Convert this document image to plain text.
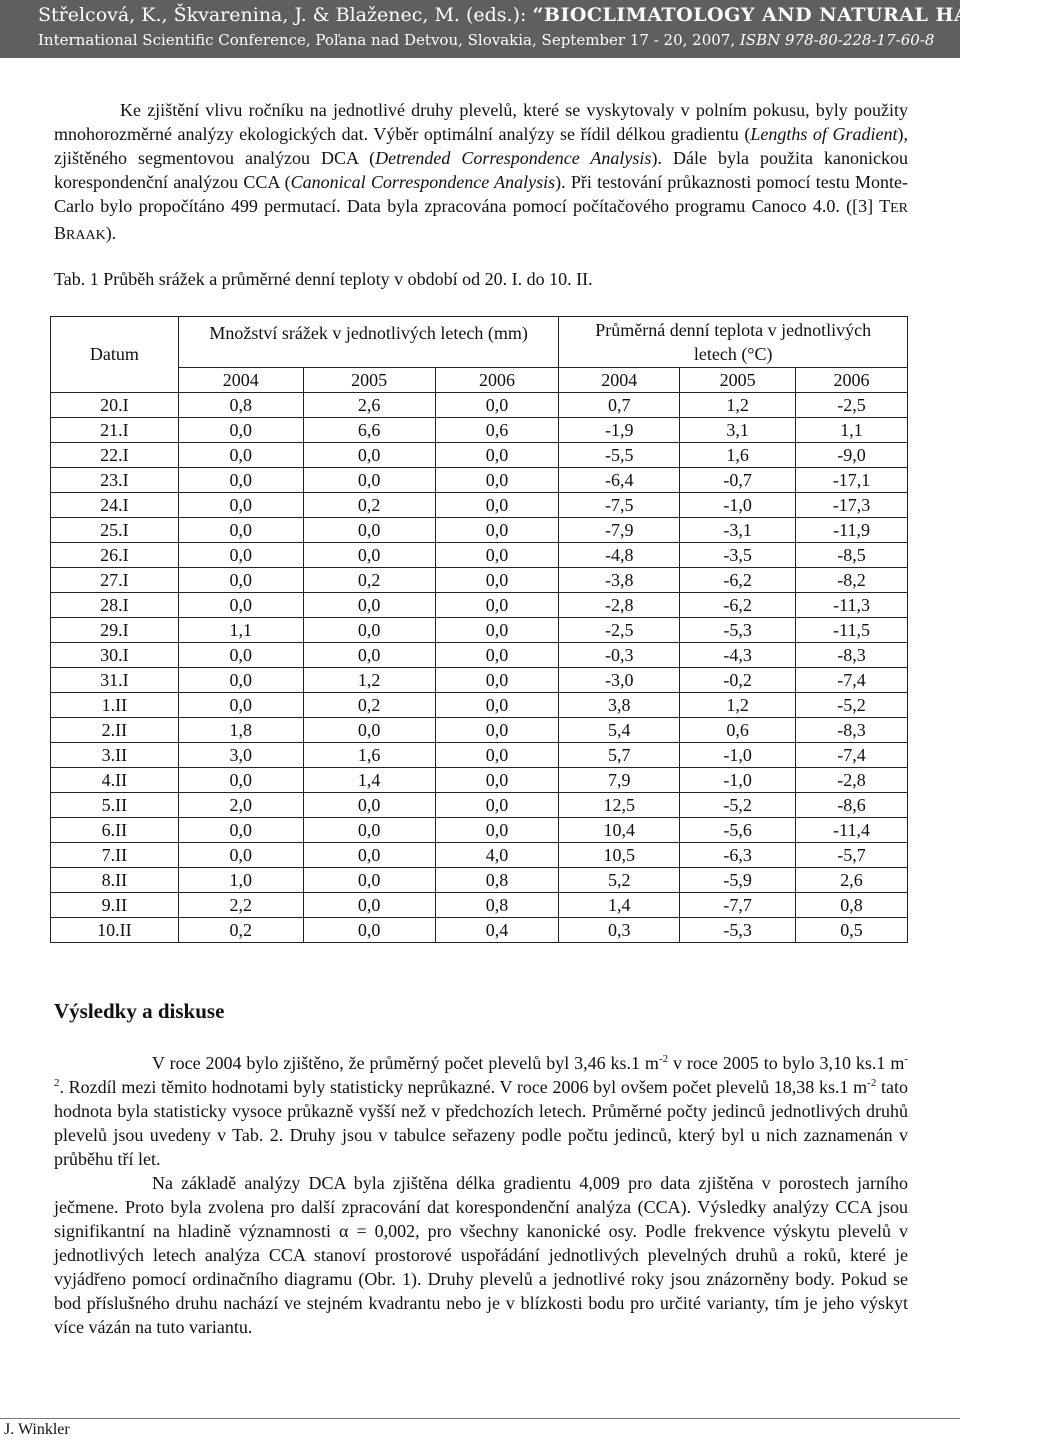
Střelcová, K., Škvarenina, J. & Blaženec, M. (eds.): “BIOCLIMATOLOGY AND NATURAL HAZARDS”
International Scientific Conference, Poľana nad Detvou, Slovakia, September 17 - 20, 2007, ISBN 978-80-228-17-60-8

Ke zjištění vlivu ročníku na jednotlivé druhy plevelů, které se vyskytovaly v polním pokusu, byly použity mnohorozměrné analýzy ekologických dat. Výběr optimální analýzy se řídil délkou gradientu (Lengths of Gradient), zjištěného segmentovou analýzou DCA (Detrended Correspondence Analysis). Dále byla použita kanonickou korespondenční analýzou CCA (Canonical Correspondence Analysis). Při testování průkaznosti pomocí testu Monte-Carlo bylo propočítáno 499 permutací. Data byla zpracována pomocí počítačového programu Canoco 4.0. ([3] TER BRAAK).

Tab. 1 Průběh srážek a průměrné denní teploty v období od 20. I. do 10. II.
Datum	Množství srážek v jednotlivých letech (mm)			Průměrná denní teplota v jednotlivých letech (°C)		
	2004	2005	2006	2004	2005	2006
20.I	0,8	2,6	0,0	0,7	1,2	-2,5
21.I	0,0	6,6	0,6	-1,9	3,1	1,1
22.I	0,0	0,0	0,0	-5,5	1,6	-9,0
23.I	0,0	0,0	0,0	-6,4	-0,7	-17,1
24.I	0,0	0,2	0,0	-7,5	-1,0	-17,3
25.I	0,0	0,0	0,0	-7,9	-3,1	-11,9
26.I	0,0	0,0	0,0	-4,8	-3,5	-8,5
27.I	0,0	0,2	0,0	-3,8	-6,2	-8,2
28.I	0,0	0,0	0,0	-2,8	-6,2	-11,3
29.I	1,1	0,0	0,0	-2,5	-5,3	-11,5
30.I	0,0	0,0	0,0	-0,3	-4,3	-8,3
31.I	0,0	1,2	0,0	-3,0	-0,2	-7,4
1.II	0,0	0,2	0,0	3,8	1,2	-5,2
2.II	1,8	0,0	0,0	5,4	0,6	-8,3
3.II	3,0	1,6	0,0	5,7	-1,0	-7,4
4.II	0,0	1,4	0,0	7,9	-1,0	-2,8
5.II	2,0	0,0	0,0	12,5	-5,2	-8,6
6.II	0,0	0,0	0,0	10,4	-5,6	-11,4
7.II	0,0	0,0	4,0	10,5	-6,3	-5,7
8.II	1,0	0,0	0,8	5,2	-5,9	2,6
9.II	2,2	0,0	0,8	1,4	-7,7	0,8
10.II	0,2	0,0	0,4	0,3	-5,3	0,5
Výsledky a diskuse

V roce 2004 bylo zjištěno, že průměrný počet plevelů byl 3,46 ks.1 $m^{-2}$ v roce 2005 to bylo 3,10 ks.1 $m^{-2}$. Rozdíl mezi těmito hodnotami byly statisticky neprůkazné. V roce 2006 byl ovšem počet plevelů 18,38 ks.1 $m^{-2}$ tato hodnota byla statisticky vysoce průkazně vyšší než v předchozích letech. Průměrné počty jedinců jednotlivých druhů plevelů jsou uvedeny v Tab. 2. Druhy jsou v tabulce seřazeny podle počtu jedinců, který byl u nich zaznamenán v průběhu tří let.

Na základě analýzy DCA byla zjištěna délka gradientu 4,009 pro data zjištěna v porostech jarního ječmene. Proto byla zvolena pro další zpracování dat korespondenční analýza (CCA). Výsledky analýzy CCA jsou signifikantní na hladině významnosti α = 0,002, pro všechny kanonické osy. Podle frekvence výskytu plevelů v jednotlivých letech analýza CCA stanoví prostorové uspořádání jednotlivých plevelných druhů a roků, které je vyjádřeno pomocí ordinačního diagramu (Obr. 1). Druhy plevelů a jednotlivé roky jsou znázorněny body. Pokud se bod příslušného druhu nachází ve stejném kvadrantu nebo je v blízkosti bodu pro určité varianty, tím je jeho výskyt více vázán na tuto variantu.

J. Winkler
